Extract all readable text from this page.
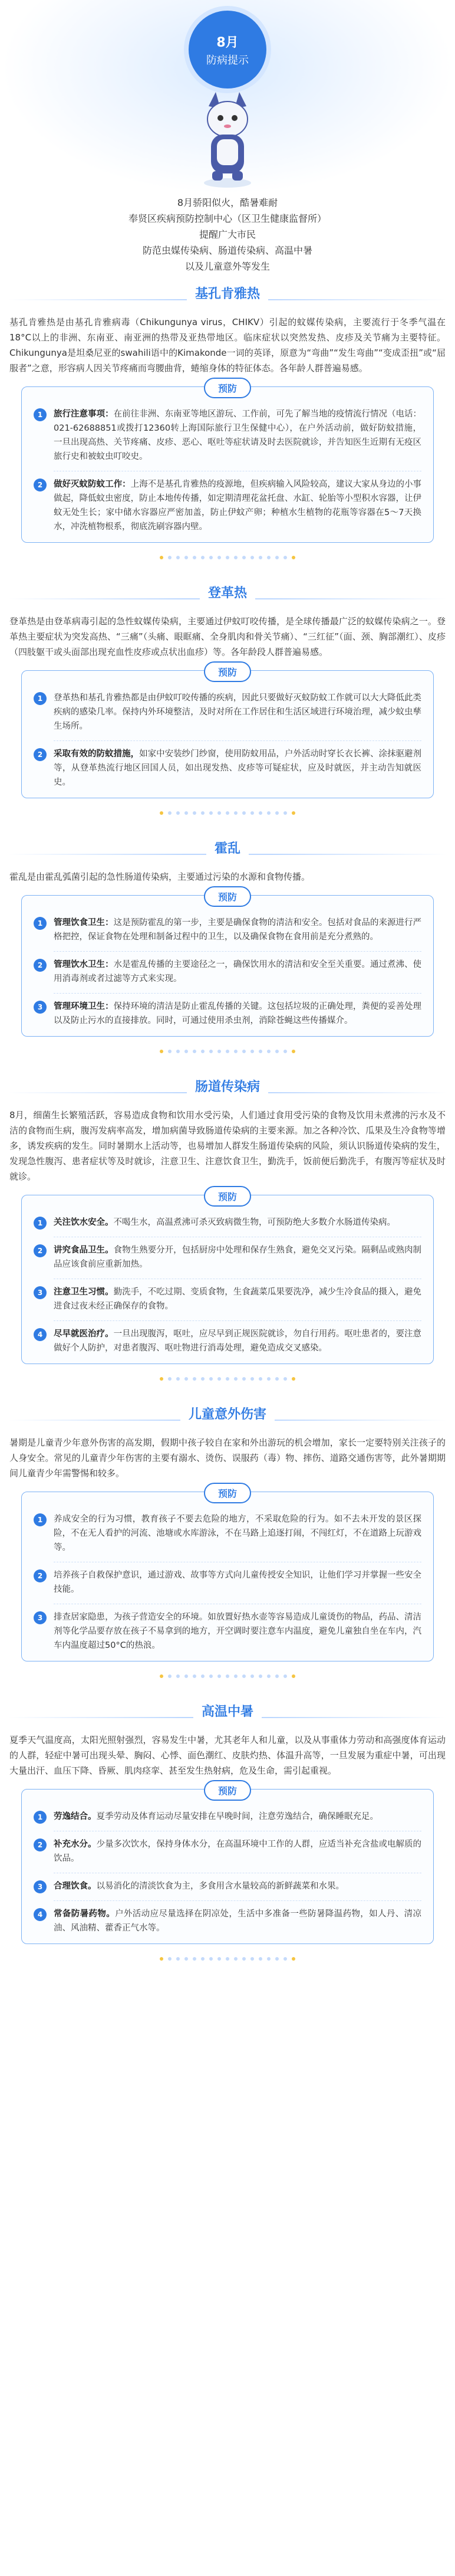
8月
防病提示

8月骄阳似火，酷暑难耐

奉贤区疾病预防控制中心（区卫生健康监督所）

提醒广大市民

防范虫媒传染病、肠道传染病、高温中暑

以及儿童意外等发生

基孔肯雅热

基孔肯雅热是由基孔肯雅病毒（Chikungunya virus，CHIKV）引起的蚊媒传染病，主要流行于冬季气温在18°C以上的非洲、东南亚、南亚洲的热带及亚热带地区。临床症状以突然发热、皮疹及关节痛为主要特征。Chikungunya是坦桑尼亚的swahili语中的Kimakonde一词的英译，原意为“弯曲”“发生弯曲”“变成歪扭”或“屈服者”之意，形容病人因关节疼痛而弯腰曲背，蜷缩身体的特征体态。各年龄人群普遍易感。

预防
1	旅行注意事项：在前往非洲、东南亚等地区游玩、工作前，可先了解当地的疫情流行情况（电话：021-62688851或拨打12360转上海国际旅行卫生保健中心），在户外活动前，做好防蚊措施，一旦出现高热、关节疼痛、皮疹、恶心、呕吐等症状请及时去医院就诊，并告知医生近期有无疫区旅行史和被蚊虫叮咬史。
2	做好灭蚊防蚊工作：上海不是基孔肯雅热的疫源地，但疾病输入风险较高，建议大家从身边的小事做起，降低蚊虫密度，防止本地传传播，如定期清理花盆托盘、水缸、轮胎等小型积水容器，让伊蚊无处生长；家中储水容器应严密加盖，防止伊蚊产卵；种植水生植物的花瓶等容器在5～7天换水，冲洗植物根系，彻底洗刷容器内壁。
登革热

登革热是由登革病毒引起的急性蚊媒传染病，主要通过伊蚊叮咬传播，是全球传播最广泛的蚊媒传染病之一。登革热主要症状为突发高热、“三痛”（头痛、眼眶痛、全身肌肉和骨关节痛）、“三红征”（面、颈、胸部潮红）、皮疹（四肢躯干或头面部出现充血性皮疹或点状出血疹）等。各年龄段人群普遍易感。

预防
1	登革热和基孔肯雅热都是由伊蚊叮咬传播的疾病，因此只要做好灭蚊防蚊工作就可以大大降低此类疾病的感染几率。保持内外环境整洁，及时对所在工作居住和生活区域进行环境治理，减少蚊虫孳生场所。
2	采取有效的防蚊措施，如家中安装纱门纱窗，使用防蚊用品，户外活动时穿长衣长裤、涂抹驱避剂等，从登革热流行地区回国人员，如出现发热、皮疹等可疑症状，应及时就医，并主动告知就医史。
霍乱

霍乱是由霍乱弧菌引起的急性肠道传染病，主要通过污染的水源和食物传播。

预防
1	管理饮食卫生：这是预防霍乱的第一步，主要是确保食物的清洁和安全。包括对食品的来源进行严格把控，保证食物在处理和制备过程中的卫生，以及确保食物在食用前是充分煮熟的。
2	管理饮水卫生：水是霍乱传播的主要途径之一，确保饮用水的清洁和安全至关重要。通过煮沸、使用消毒剂或者过滤等方式来实现。
3	管理环境卫生：保持环境的清洁是防止霍乱传播的关键。这包括垃圾的正确处理，粪便的妥善处理以及防止污水的直接排放。同时，可通过使用杀虫剂，消除苍蝇这些传播媒介。
肠道传染病

8月，细菌生长繁殖活跃，容易造成食物和饮用水受污染，人们通过食用受污染的食物及饮用未煮沸的污水及不洁的食物而生病，腹泻发病率高发，增加病菌导致肠道传染病的主要来源。加之各种冷饮、瓜果及生冷食物等增多，诱发疾病的发生。同时暑期水上活动等，也易增加人群发生肠道传染病的风险，须认识肠道传染病的发生，发现急性腹泻、患者症状等及时就诊，注意卫生、注意饮食卫生，勤洗手，饭前便后勤洗手，有腹泻等症状及时就诊。

预防
1	关注饮水安全。不喝生水，高温煮沸可杀灭致病微生物，可预防绝大多数介水肠道传染病。
2	讲究食品卫生。食物生熟要分开，包括厨房中处理和保存生熟食，避免交叉污染。隔剩品或熟肉制品应该食前应重新加热。
3	注意卫生习惯。勤洗手，不吃过期、变质食物，生食蔬菜瓜果要洗净，减少生冷食品的摄入，避免进食过夜未经正确保存的食物。
4	尽早就医治疗。一旦出现腹泻，呕吐，应尽早到正规医院就诊，勿自行用药。呕吐患者的，要注意做好个人防护，对患者腹泻、呕吐物进行消毒处理，避免造成交叉感染。
儿童意外伤害

暑期是儿童青少年意外伤害的高发期，假期中孩子较自在家和外出游玩的机会增加，家长一定要特别关注孩子的人身安全。常见的儿童青少年伤害的主要有溺水、烫伤、误服药（毒）物、摔伤、道路交通伤害等，此外暑期期间儿童青少年需警惕和较多。

预防
1	养成安全的行为习惯，教育孩子不要去危险的地方，不采取危险的行为。如不去未开发的景区探险，不在无人看护的河流、池塘或水库游泳，不在马路上追逐打闹，不闯红灯，不在道路上玩游戏等。
2	培养孩子自救保护意识，通过游戏、故事等方式向儿童传授安全知识，让他们学习并掌握一些安全技能。
3	排查居家隐患，为孩子营造安全的环境。如放置好热水壶等容易造成儿童烫伤的物品，药品、清洁剂等化学品要存放在孩子不易拿到的地方，开空调时要注意车内温度，避免儿童独自坐在车内，汽车内温度超过50°C的热浪。
高温中暑

夏季天气温度高，太阳光照射强烈，容易发生中暑，尤其老年人和儿童，以及从事重体力劳动和高强度体育运动的人群，轻症中暑可出现头晕、胸闷、心悸、面色潮红、皮肤灼热、体温升高等，一旦发展为重症中暑，可出现大量出汗、血压下降、昏厥、肌肉痉挛、甚至发生热射病，危及生命，需引起重视。

预防
1	劳逸结合。夏季劳动及体育运动尽量安排在早晚时间，注意劳逸结合，确保睡眠充足。
2	补充水分。少量多次饮水，保持身体水分，在高温环境中工作的人群，应适当补充含盐或电解质的饮品。
3	合理饮食。以易消化的清淡饮食为主，多食用含水量较高的新鲜蔬菜和水果。
4	常备防暑药物。户外活动应尽量选择在阴凉处，生活中多准备一些防暑降温药物，如人丹、清凉油、风油精、藿香正气水等。
